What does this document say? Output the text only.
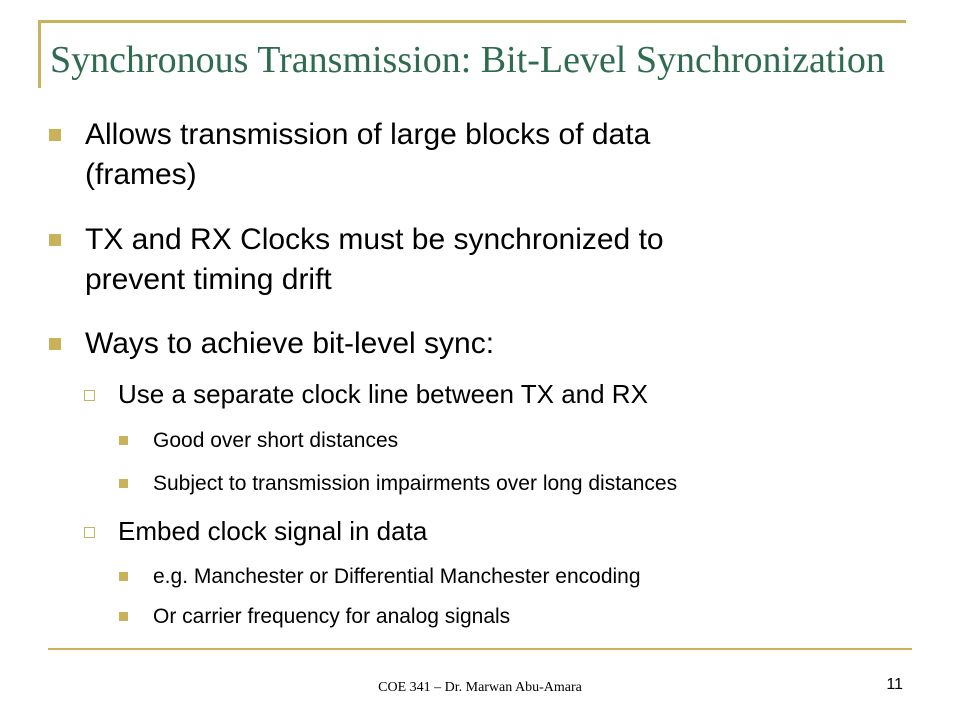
Synchronous Transmission: Bit-Level Synchronization
Allows transmission of large blocks of data
(frames)
TX and RX Clocks must be synchronized to
prevent timing drift
Ways to achieve bit-level sync:
Use a separate clock line between TX and RX
Good over short distances
Subject to transmission impairments over long distances
Embed clock signal in data
e.g. Manchester or Differential Manchester encoding
Or carrier frequency for analog signals
COE 341 – Dr. Marwan Abu-Amara	11
